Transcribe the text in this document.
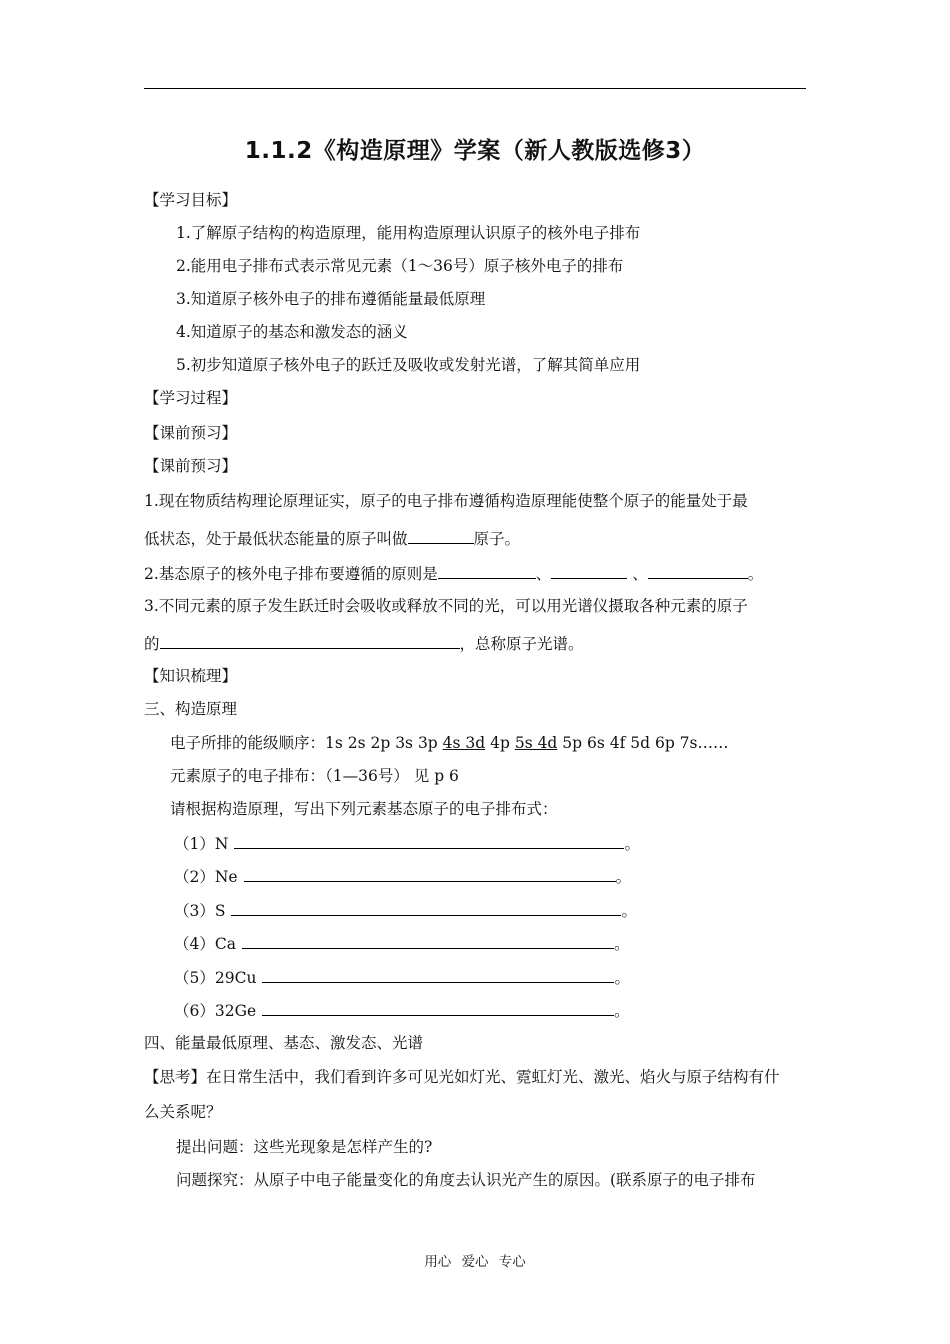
1.1.2《构造原理》学案（新人教版选修3）
【学习目标】
1.了解原子结构的构造原理，能用构造原理认识原子的核外电子排布
2.能用电子排布式表示常见元素（1～36号）原子核外电子的排布
3.知道原子核外电子的排布遵循能量最低原理
4.知道原子的基态和激发态的涵义
5.初步知道原子核外电子的跃迁及吸收或发射光谱，了解其简单应用
【学习过程】
【课前预习】
【课前预习】
1.现在物质结构理论原理证实，原子的电子排布遵循构造原理能使整个原子的能量处于最
低状态，处于最低状态能量的原子叫做	原子。
2.基态原子的核外电子排布要遵循的原则是	、	、	。
3.不同元素的原子发生跃迁时会吸收或释放不同的光，可以用光谱仪摄取各种元素的原子
的	，总称原子光谱。
【知识梳理】
三、构造原理
电子所排的能级顺序：1s 2s 2p 3s 3p 4s 3d 4p 5s 4d 5p 6s 4f 5d 6p 7s……
元素原子的电子排布：（1—36号） 见 p 6
请根据构造原理，写出下列元素基态原子的电子排布式：
（1）N	。
（2）Ne	。
（3）S	。
（4）Ca	。
（5）29Cu	。
（6）32Ge	。
四、能量最低原理、基态、激发态、光谱
【思考】在日常生活中，我们看到许多可见光如灯光、霓虹灯光、激光、焰火与原子结构有什
么关系呢？
提出问题：这些光现象是怎样产生的?
问题探究：从原子中电子能量变化的角度去认识光产生的原因。(联系原子的电子排布
用心 爱心 专心
